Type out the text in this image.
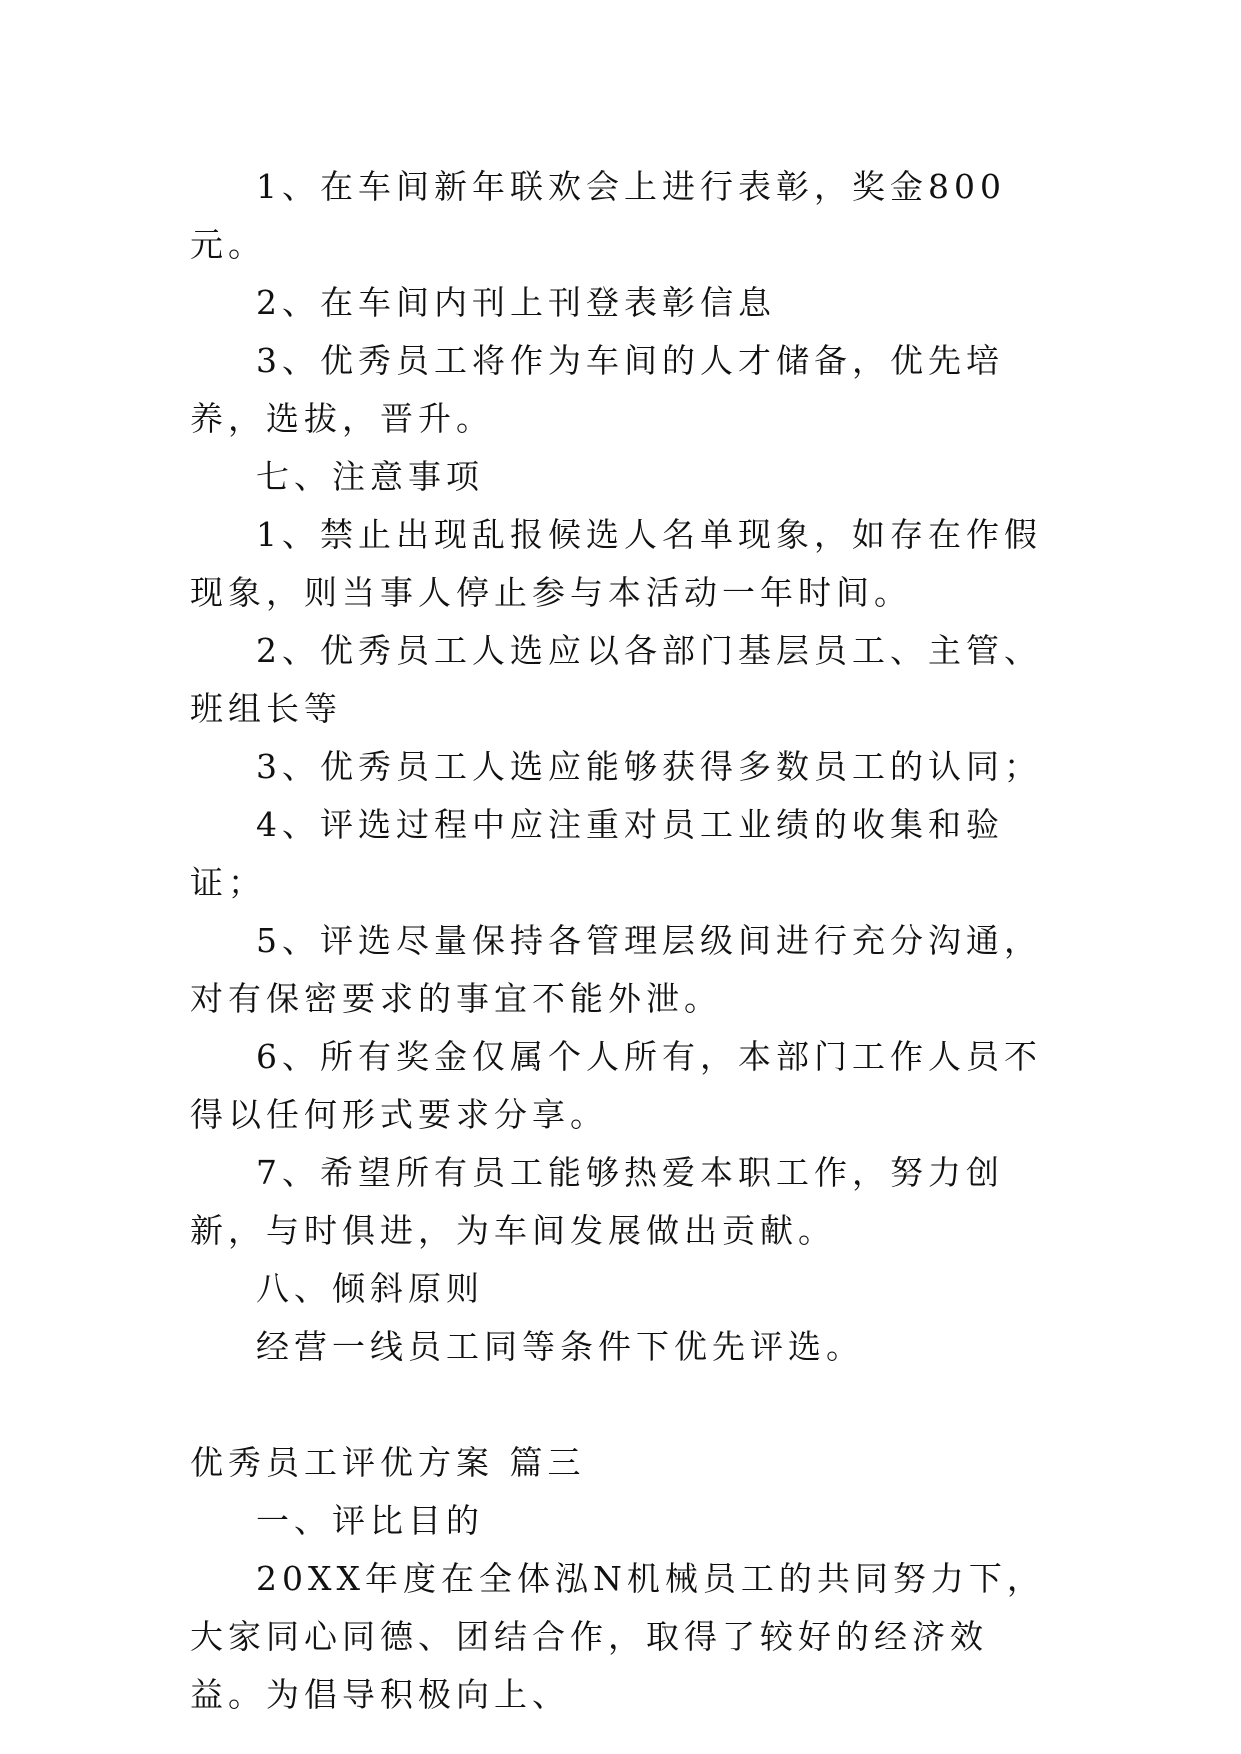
1、在车间新年联欢会上进行表彰，奖金800元。

2、在车间内刊上刊登表彰信息

3、优秀员工将作为车间的人才储备，优先培养，选拔，晋升。

七、注意事项

1、禁止出现乱报候选人名单现象，如存在作假现象，则当事人停止参与本活动一年时间。

2、优秀员工人选应以各部门基层员工、主管、班组长等

3、优秀员工人选应能够获得多数员工的认同；

4、评选过程中应注重对员工业绩的收集和验证；

5、评选尽量保持各管理层级间进行充分沟通，对有保密要求的事宜不能外泄。

6、所有奖金仅属个人所有，本部门工作人员不得以任何形式要求分享。

7、希望所有员工能够热爱本职工作，努力创新，与时俱进，为车间发展做出贡献。

八、倾斜原则

经营一线员工同等条件下优先评选。

优秀员工评优方案 篇三

一、评比目的

20XX年度在全体泓N机械员工的共同努力下，大家同心同德、团结合作，取得了较好的经济效益。为倡导积极向上、
